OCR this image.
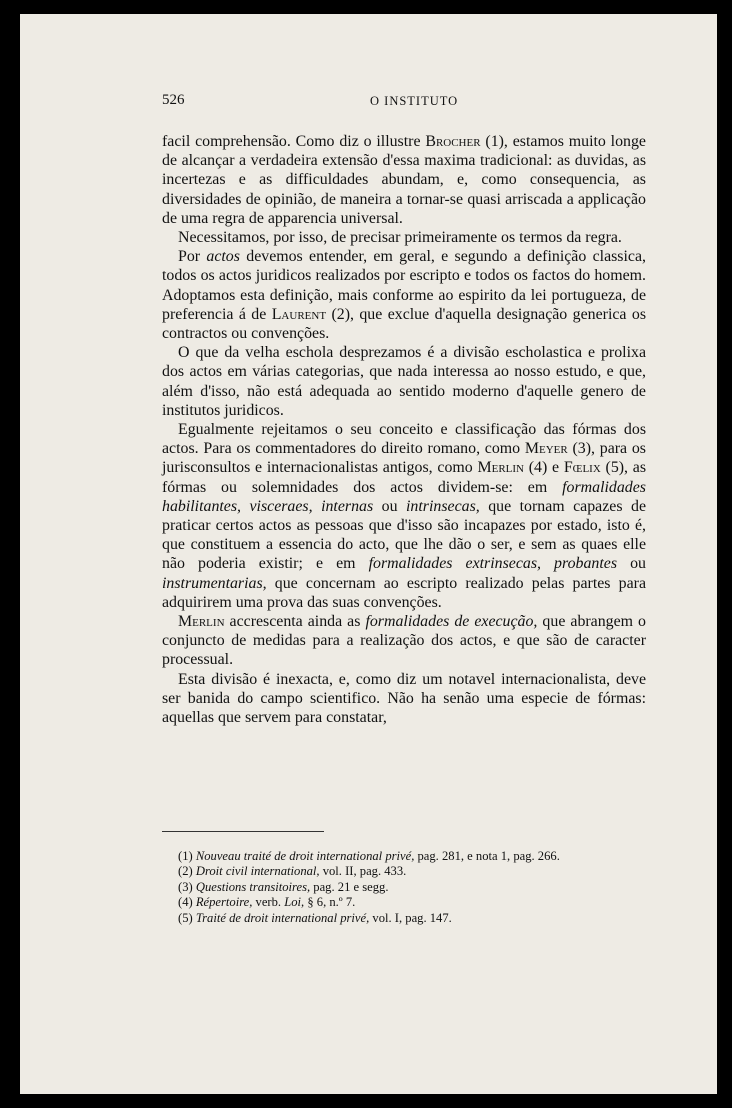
526	O INSTITUTO

facil comprehensão. Como diz o illustre Brocher (1), estamos muito longe de alcançar a verdadeira extensão d'essa maxima tradicional: as duvidas, as incertezas e as difficuldades abundam, e, como consequencia, as diversidades de opinião, de maneira a tornar-se quasi arriscada a applicação de uma regra de apparencia universal.

Necessitamos, por isso, de precisar primeiramente os termos da regra.

Por actos devemos entender, em geral, e segundo a definição classica, todos os actos juridicos realizados por escripto e todos os factos do homem. Adoptamos esta definição, mais conforme ao espirito da lei portugueza, de preferencia á de Laurent (2), que exclue d'aquella designação generica os contractos ou convenções.

O que da velha eschola desprezamos é a divisão escholastica e prolixa dos actos em várias categorias, que nada interessa ao nosso estudo, e que, além d'isso, não está adequada ao sentido moderno d'aquelle genero de institutos juridicos.

Egualmente rejeitamos o seu conceito e classificação das fórmas dos actos. Para os commentadores do direito romano, como Meyer (3), para os jurisconsultos e internacionalistas antigos, como Merlin (4) e Fœlix (5), as fórmas ou solemnidades dos actos dividem-se: em formalidades habilitantes, visceraes, internas ou intrinsecas, que tornam capazes de praticar certos actos as pessoas que d'isso são incapazes por estado, isto é, que constituem a essencia do acto, que lhe dão o ser, e sem as quaes elle não poderia existir; e em formalidades extrinsecas, probantes ou instrumentarias, que concernam ao escripto realizado pelas partes para adquirirem uma prova das suas convenções.

Merlin accrescenta ainda as formalidades de execução, que abrangem o conjuncto de medidas para a realização dos actos, e que são de caracter processual.

Esta divisão é inexacta, e, como diz um notavel internacionalista, deve ser banida do campo scientifico. Não ha senão uma especie de fórmas: aquellas que servem para constatar,

(1) Nouveau traité de droit international privé, pag. 281, e nota 1, pag. 266.

(2) Droit civil international, vol. II, pag. 433.

(3) Questions transitoires, pag. 21 e segg.

(4) Répertoire, verb. Loi, § 6, n.º 7.

(5) Traité de droit international privé, vol. I, pag. 147.
